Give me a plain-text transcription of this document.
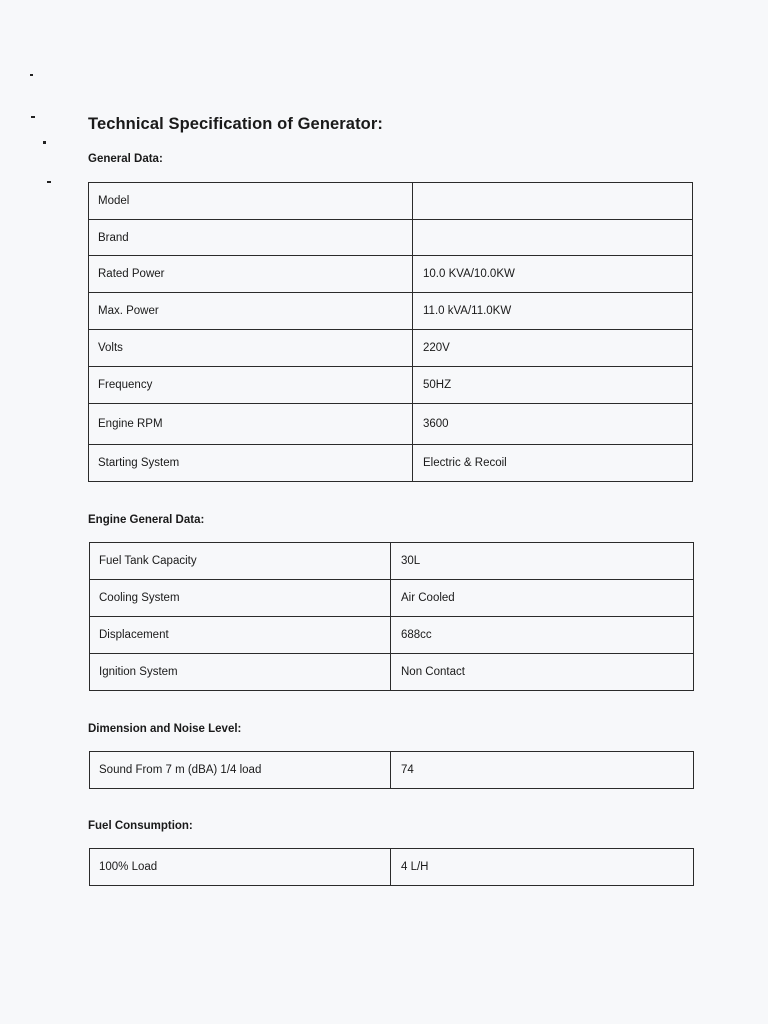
Technical Specification of Generator:
General Data:
Model	
Brand	
Rated Power	10.0 KVA/10.0KW
Max. Power	11.0 kVA/11.0KW
Volts	220V
Frequency	50HZ
Engine RPM	3600
Starting System	Electric & Recoil
Engine General Data:
Fuel Tank Capacity	30L
Cooling System	Air Cooled
Displacement	688cc
Ignition System	Non Contact
Dimension and Noise Level:
Sound From 7 m (dBA) 1/4 load	74
Fuel Consumption:
100% Load	4 L/H
